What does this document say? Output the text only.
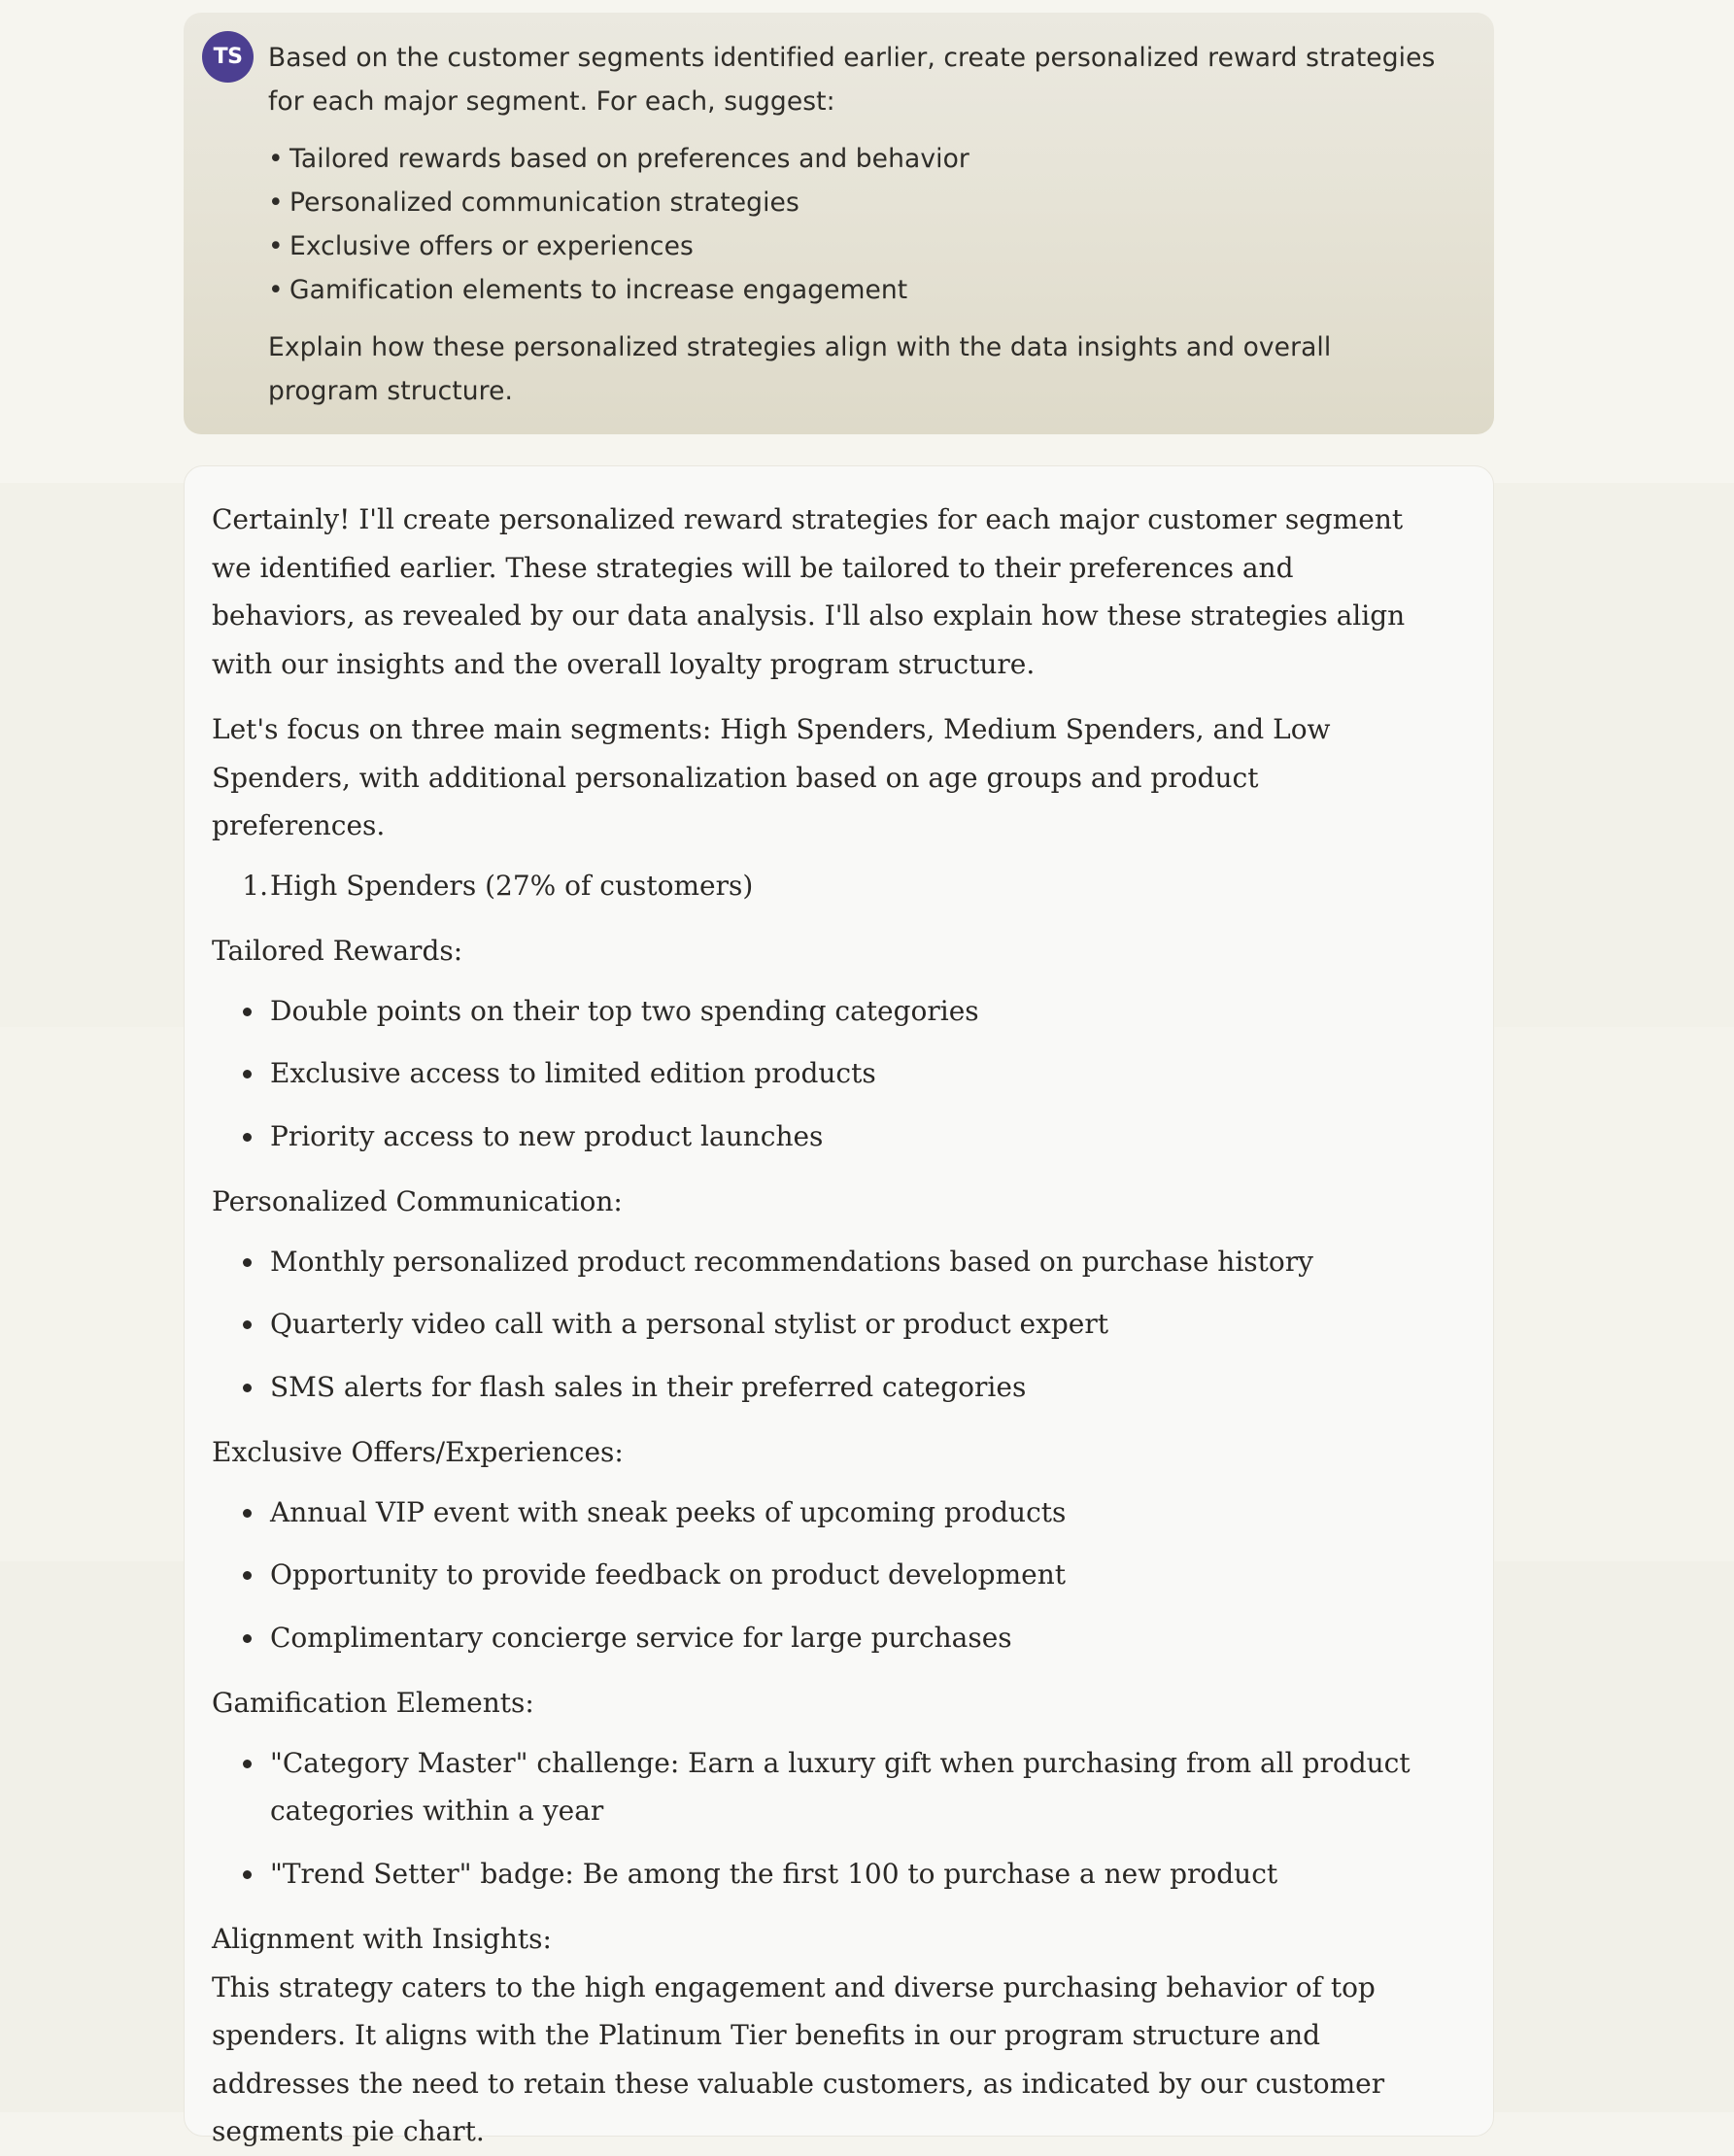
TS	Based on the customer segments identified earlier, create personalized reward strategies for each major segment. For each, suggest:

• Tailored rewards based on preferences and behavior
• Personalized communication strategies
• Exclusive offers or experiences
• Gamification elements to increase engagement

Explain how these personalized strategies align with the data insights and overall program structure.

Certainly! I'll create personalized reward strategies for each major customer segment we identified earlier. These strategies will be tailored to their preferences and behaviors, as revealed by our data analysis. I'll also explain how these strategies align with our insights and the overall loyalty program structure.

Let's focus on three main segments: High Spenders, Medium Spenders, and Low Spenders, with additional personalization based on age groups and product preferences.

1. High Spenders (27% of customers)

Tailored Rewards:

Double points on their top two spending categories
Exclusive access to limited edition products
Priority access to new product launches

Personalized Communication:

Monthly personalized product recommendations based on purchase history
Quarterly video call with a personal stylist or product expert
SMS alerts for flash sales in their preferred categories

Exclusive Offers/Experiences:

Annual VIP event with sneak peeks of upcoming products
Opportunity to provide feedback on product development
Complimentary concierge service for large purchases

Gamification Elements:

"Category Master" challenge: Earn a luxury gift when purchasing from all product categories within a year
"Trend Setter" badge: Be among the first 100 to purchase a new product

Alignment with Insights:

This strategy caters to the high engagement and diverse purchasing behavior of top spenders. It aligns with the Platinum Tier benefits in our program structure and addresses the need to retain these valuable customers, as indicated by our customer segments pie chart.
